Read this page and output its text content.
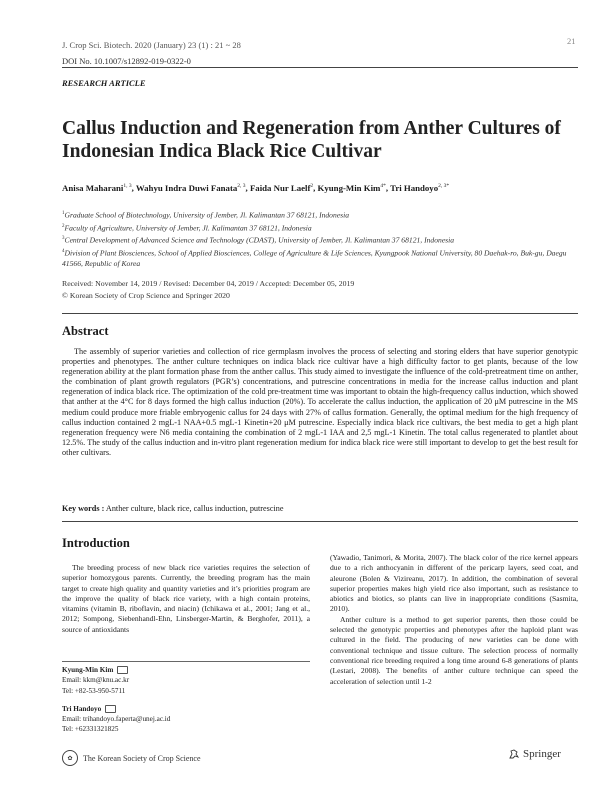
J. Crop Sci. Biotech. 2020 (January) 23 (1) : 21 ~ 28	21
DOI No. 10.1007/s12892-019-0322-0
RESEARCH ARTICLE
Callus Induction and Regeneration from Anther Cultures of Indonesian Indica Black Rice Cultivar
Anisa Maharani$^{1, 3}$, Wahyu Indra Duwi Fanata$^{2, 3}$, Faida Nur Laelf$^2$, Kyung-Min Kim$^{4*}$, Tri Handoyo$^{2, 3*}$
$^1$Graduate School of Biotechnology, University of Jember, Jl. Kalimantan 37 68121, Indonesia
$^2$Faculty of Agriculture, University of Jember, Jl. Kalimantan 37 68121, Indonesia
$^3$Central Development of Advanced Science and Technology (CDAST), University of Jember, Jl. Kalimantan 37 68121, Indonesia
$^4$Division of Plant Biosciences, School of Applied Biosciences, College of Agriculture & Life Sciences, Kyungpook National University, 80 Daehak-ro, Buk-gu, Daegu 41566, Republic of Korea
Received: November 14, 2019 / Revised: December 04, 2019 / Accepted: December 05, 2019
© Korean Society of Crop Science and Springer 2020
Abstract
The assembly of superior varieties and collection of rice germplasm involves the process of selecting and storing elders that have superior genotypic properties and phenotypes. The anther culture techniques on indica black rice cultivar have a high difficulty factor to get plants, because of the low regeneration ability at the plant formation phase from the anther callus. This study aimed to investigate the influence of the cold-pretreatment time on anther, the combination of plant growth regulators (PGR’s) concentrations, and putrescine concentrations in media for the increase callus induction and plant regeneration of indica black rice. The optimization of the cold pre-treatment time was important to obtain the high-frequency callus induction, which showed that anther at the 4°C for 8 days formed the high callus induction (20%). To accelerate the callus induction, the application of 20 μM putrescine in the MS medium could produce more friable embryogenic callus for 24 days with 27% of callus formation. Generally, the optimal medium for the high frequency of callus induction contained 2 mgL-1 NAA+0.5 mgL-1 Kinetin+20 μM putrescine. Especially indica black rice cultivars, the best media to get a high plant regeneration frequency were N6 media containing the combination of 2 mgL-1 IAA and 2,5 mgL-1 Kinetin. The total callus regenerated to plantlet about 12.5%. The study of the callus induction and in-vitro plant regeneration medium for indica black rice were still important to develop to get the best result for other cultivars.
Key words : Anther culture, black rice, callus induction, putrescine
Introduction
The breeding process of new black rice varieties requires the selection of superior homozygous parents. Currently, the breeding program has the main target to create high quality and quantity varieties and it’s priorities program are the improve the quality of black rice variety, with a high contain proteins, vitamins (vitamin B, riboflavin, and niacin) (Ichikawa et al., 2001; Jang et al., 2012; Sompong, Siebenhandl-Ehn, Linsberger-Martin, & Berghofer, 2011), a source of antioxidants

(Yawadio, Tanimori, & Morita, 2007). The black color of the rice kernel appears due to a rich anthocyanin in different of the pericarp layers, seed coat, and aleurone (Bolen & Vizireanu, 2017). In addition, the combination of several superior properties makes high yield rice also important, such as resistance to abiotics and biotics, so plants can live in inappropriate conditions (Sasmita, 2010).

Anther culture is a method to get superior parents, then those could be selected the genotypic properties and phenotypes after the haploid plant was cultured in the field. The producing of new varieties can be done with conventional technique and tissue culture. The selection process of normally conventional rice breeding required a long time around 6-8 generations of plants (Lestari, 2008). The benefits of anther culture technique can speed the acceleration of selection until 1-2

Kyung-Min Kim
Email: kkm@knu.ac.kr
Tel: +82-53-950-5711
Tri Handoyo
Email: trihandoyo.faperta@unej.ac.id
Tel: +62331321825
✿	The Korean Society of Crop Science	Springer
